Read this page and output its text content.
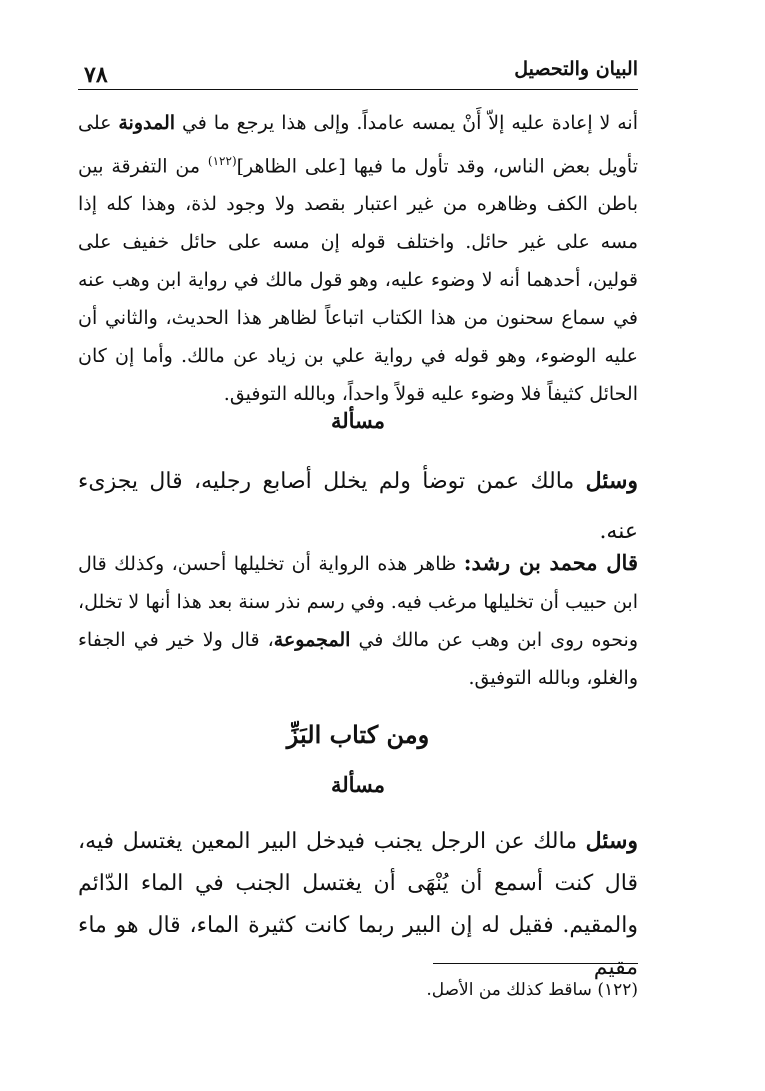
٧٨	البيان والتحصيل
أنه لا إعادة عليه إلاّ أَنْ يمسه عامداً. وإلى هذا يرجع ما في المدونة على تأويل بعض الناس، وقد تأول ما فيها [على الظاهر]$^{(١٢٢)}$ من التفرقة بين باطن الكف وظاهره من غير اعتبار بقصد ولا وجود لذة، وهذا كله إذا مسه على غير حائل. واختلف قوله إن مسه على حائل خفيف على قولين، أحدهما أنه لا وضوء عليه، وهو قول مالك في رواية ابن وهب عنه في سماع سحنون من هذا الكتاب اتباعاً لظاهر هذا الحديث، والثاني أن عليه الوضوء، وهو قوله في رواية علي بن زياد عن مالك. وأما إن كان الحائل كثيفاً فلا وضوء عليه قولاً واحداً، وبالله التوفيق.
مسألة
وسئل مالك عمن توضأ ولم يخلل أصابع رجليه، قال يجزىء عنه.
قال محمد بن رشد: ظاهر هذه الرواية أن تخليلها أحسن، وكذلك قال ابن حبيب أن تخليلها مرغب فيه. وفي رسم نذر سنة بعد هذا أنها لا تخلل، ونحوه روى ابن وهب عن مالك في المجموعة، قال ولا خير في الجفاء والغلو، وبالله التوفيق.
ومن كتاب البَزِّ
مسألة
وسئل مالك عن الرجل يجنب فيدخل البير المعين يغتسل فيه، قال كنت أسمع أن يُنْهَى أن يغتسل الجنب في الماء الدّائم والمقيم. فقيل له إن البير ربما كانت كثيرة الماء، قال هو ماء مقيم
(١٢٢) ساقط كذلك من الأصل.
